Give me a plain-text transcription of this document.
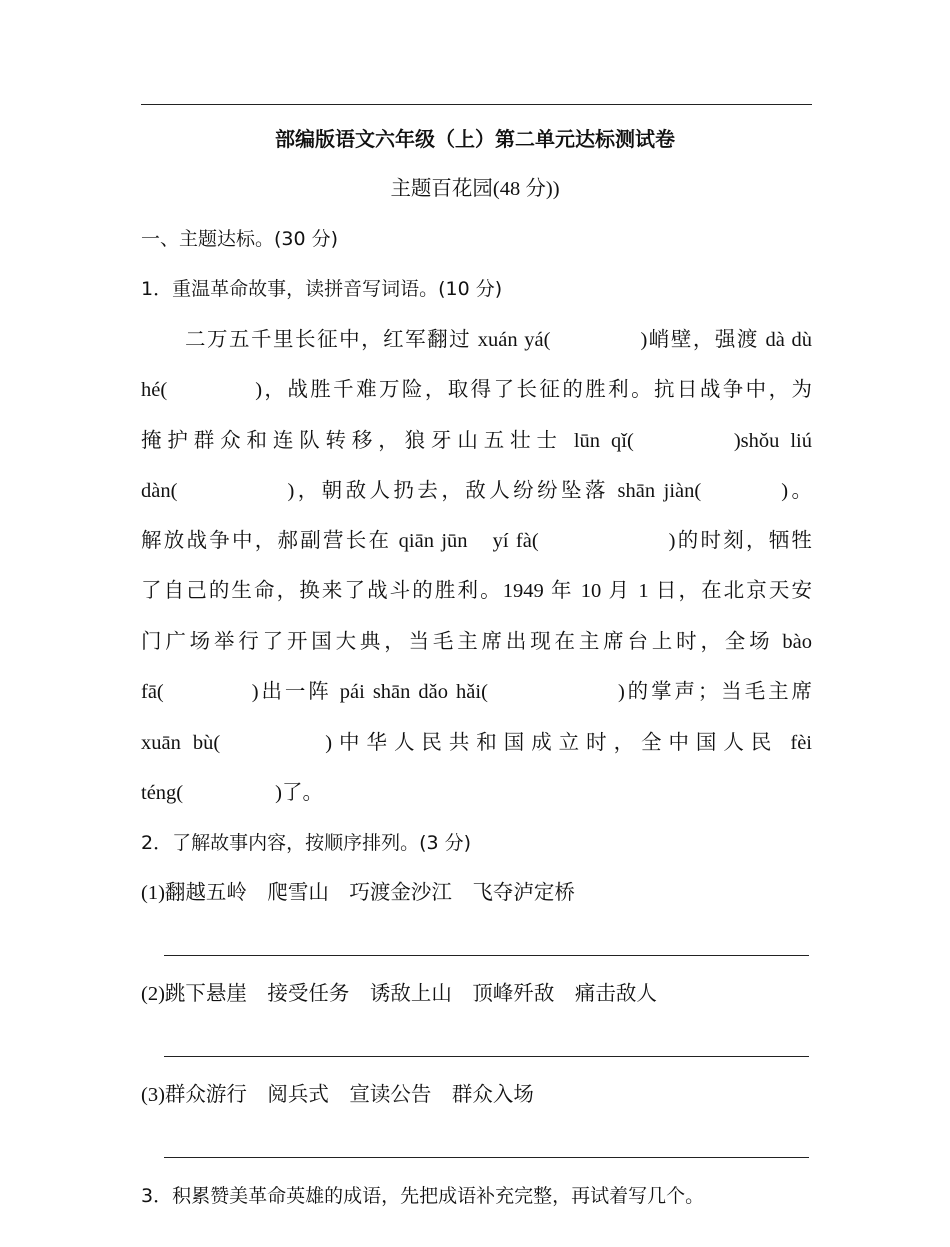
部编版语文六年级（上）第二单元达标测试卷
主题百花园(48 分))
一、主题达标。(30 分)
1．重温革命故事，读拼音写词语。(10 分)
二万五千里长征中，红军翻过 xuán yá(	)峭壁，强渡 dà dù
hé(	)，战胜千难万险，取得了长征的胜利。抗日战争中，为
掩护群众和连队转移，狼牙山五壮士 lūn qǐ(	)shǒu liú
dàn(	)，朝敌人扔去，敌人纷纷坠落 shān jiàn(	)。
解放战争中，郝副营长在 qiān jūn　yí fà(	)的时刻，牺牲
了自己的生命，换来了战斗的胜利。1949 年 10 月 1 日，在北京天安
门广场举行了开国大典，当毛主席出现在主席台上时，全场 bào
fā(	)出一阵 pái shān dǎo hǎi(	)的掌声；当毛主席
xuān bù(	)中华人民共和国成立时，全中国人民 fèi
téng(	)了。
2．了解故事内容，按顺序排列。(3 分)
(1)翻越五岭　爬雪山　巧渡金沙江　飞夺泸定桥
(2)跳下悬崖　接受任务　诱敌上山　顶峰歼敌　痛击敌人
(3)群众游行　阅兵式　宣读公告　群众入场
3．积累赞美革命英雄的成语，先把成语补充完整，再试着写几个。
